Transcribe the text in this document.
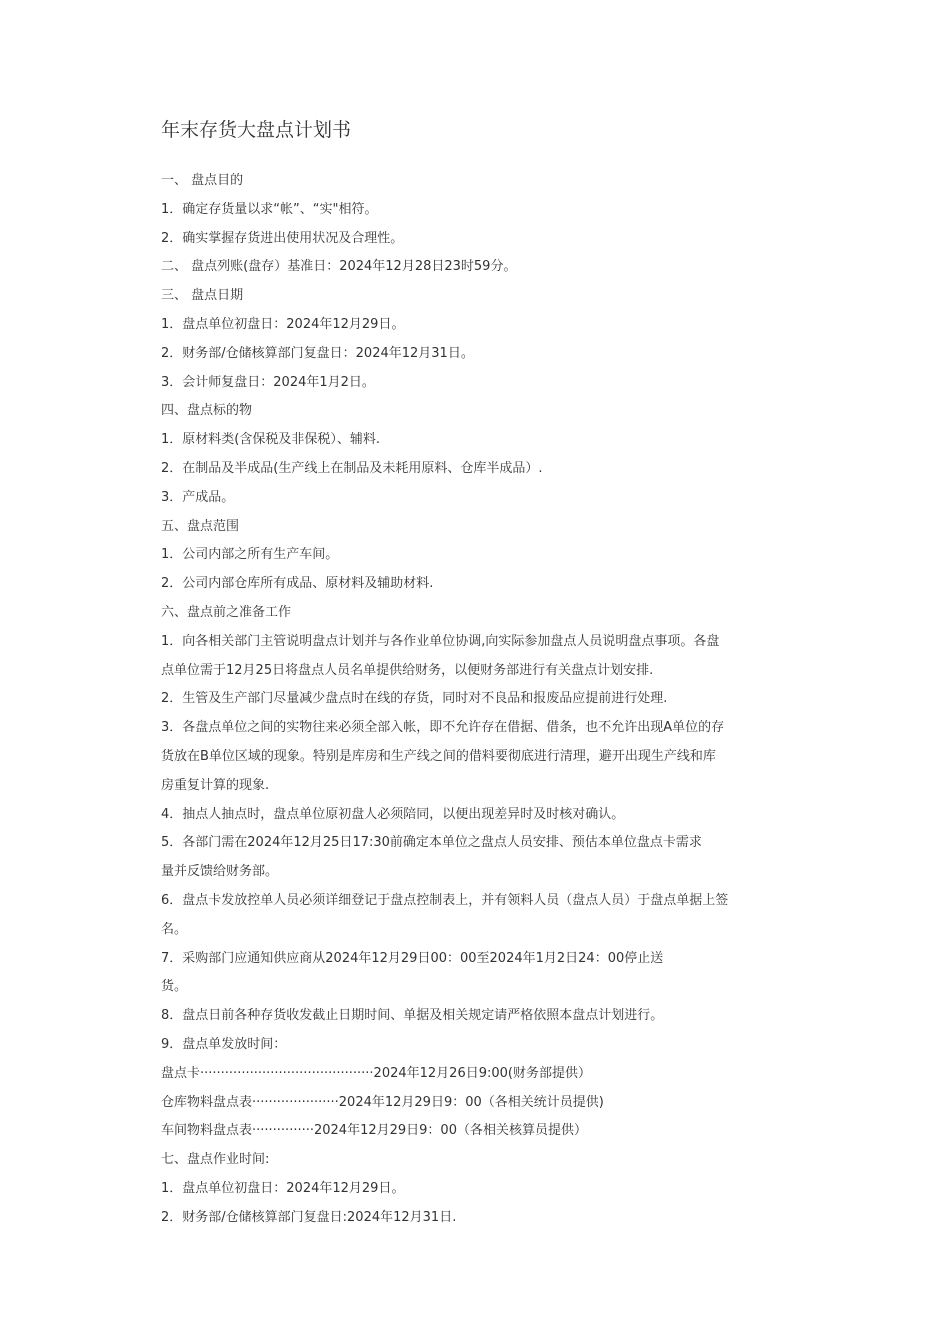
年末存货大盘点计划书
一、 盘点目的
1．确定存货量以求“帐”、“实"相符。
2．确实掌握存货进出使用状况及合理性。
二、 盘点列账(盘存）基准日：2024年12月28日23时59分。
三、 盘点日期
1．盘点单位初盘日：2024年12月29日。
2．财务部/仓储核算部门复盘日：2024年12月31日。
3．会计师复盘日：2024年1月2日。
四、盘点标的物
1．原材料类(含保税及非保税）、辅料.
2．在制品及半成品(生产线上在制品及未耗用原料、仓库半成品）.
3．产成品。
五、盘点范围
1．公司内部之所有生产车间。
2．公司内部仓库所有成品、原材料及辅助材料.
六、盘点前之准备工作
1．向各相关部门主管说明盘点计划并与各作业单位协调,向实际参加盘点人员说明盘点事项。各盘
点单位需于12月25日将盘点人员名单提供给财务，以便财务部进行有关盘点计划安排.
2．生管及生产部门尽量减少盘点时在线的存货，同时对不良品和报废品应提前进行处理.
3．各盘点单位之间的实物往来必须全部入帐，即不允许存在借据、借条，也不允许出现A单位的存
货放在B单位区域的现象。特别是库房和生产线之间的借料要彻底进行清理，避开出现生产线和库
房重复计算的现象.
4．抽点人抽点时，盘点单位原初盘人必须陪同，以便出现差异时及时核对确认。
5．各部门需在2024年12月25日17:30前确定本单位之盘点人员安排、预估本单位盘点卡需求
量并反馈给财务部。
6．盘点卡发放控单人员必须详细登记于盘点控制表上，并有领料人员（盘点人员）于盘点单据上签
名。
7．采购部门应通知供应商从2024年12月29日00：00至2024年1月2日24：00停止送
货。
8．盘点日前各种存货收发截止日期时间、单据及相关规定请严格依照本盘点计划进行。
9．盘点单发放时间：
盘点卡··········································2024年12月26日9:00(财务部提供）
仓库物料盘点表·····················2024年12月29日9：00（各相关统计员提供)
车间物料盘点表···············2024年12月29日9：00（各相关核算员提供）
七、盘点作业时间:
1．盘点单位初盘日：2024年12月29日。
2．财务部/仓储核算部门复盘日:2024年12月31日.
